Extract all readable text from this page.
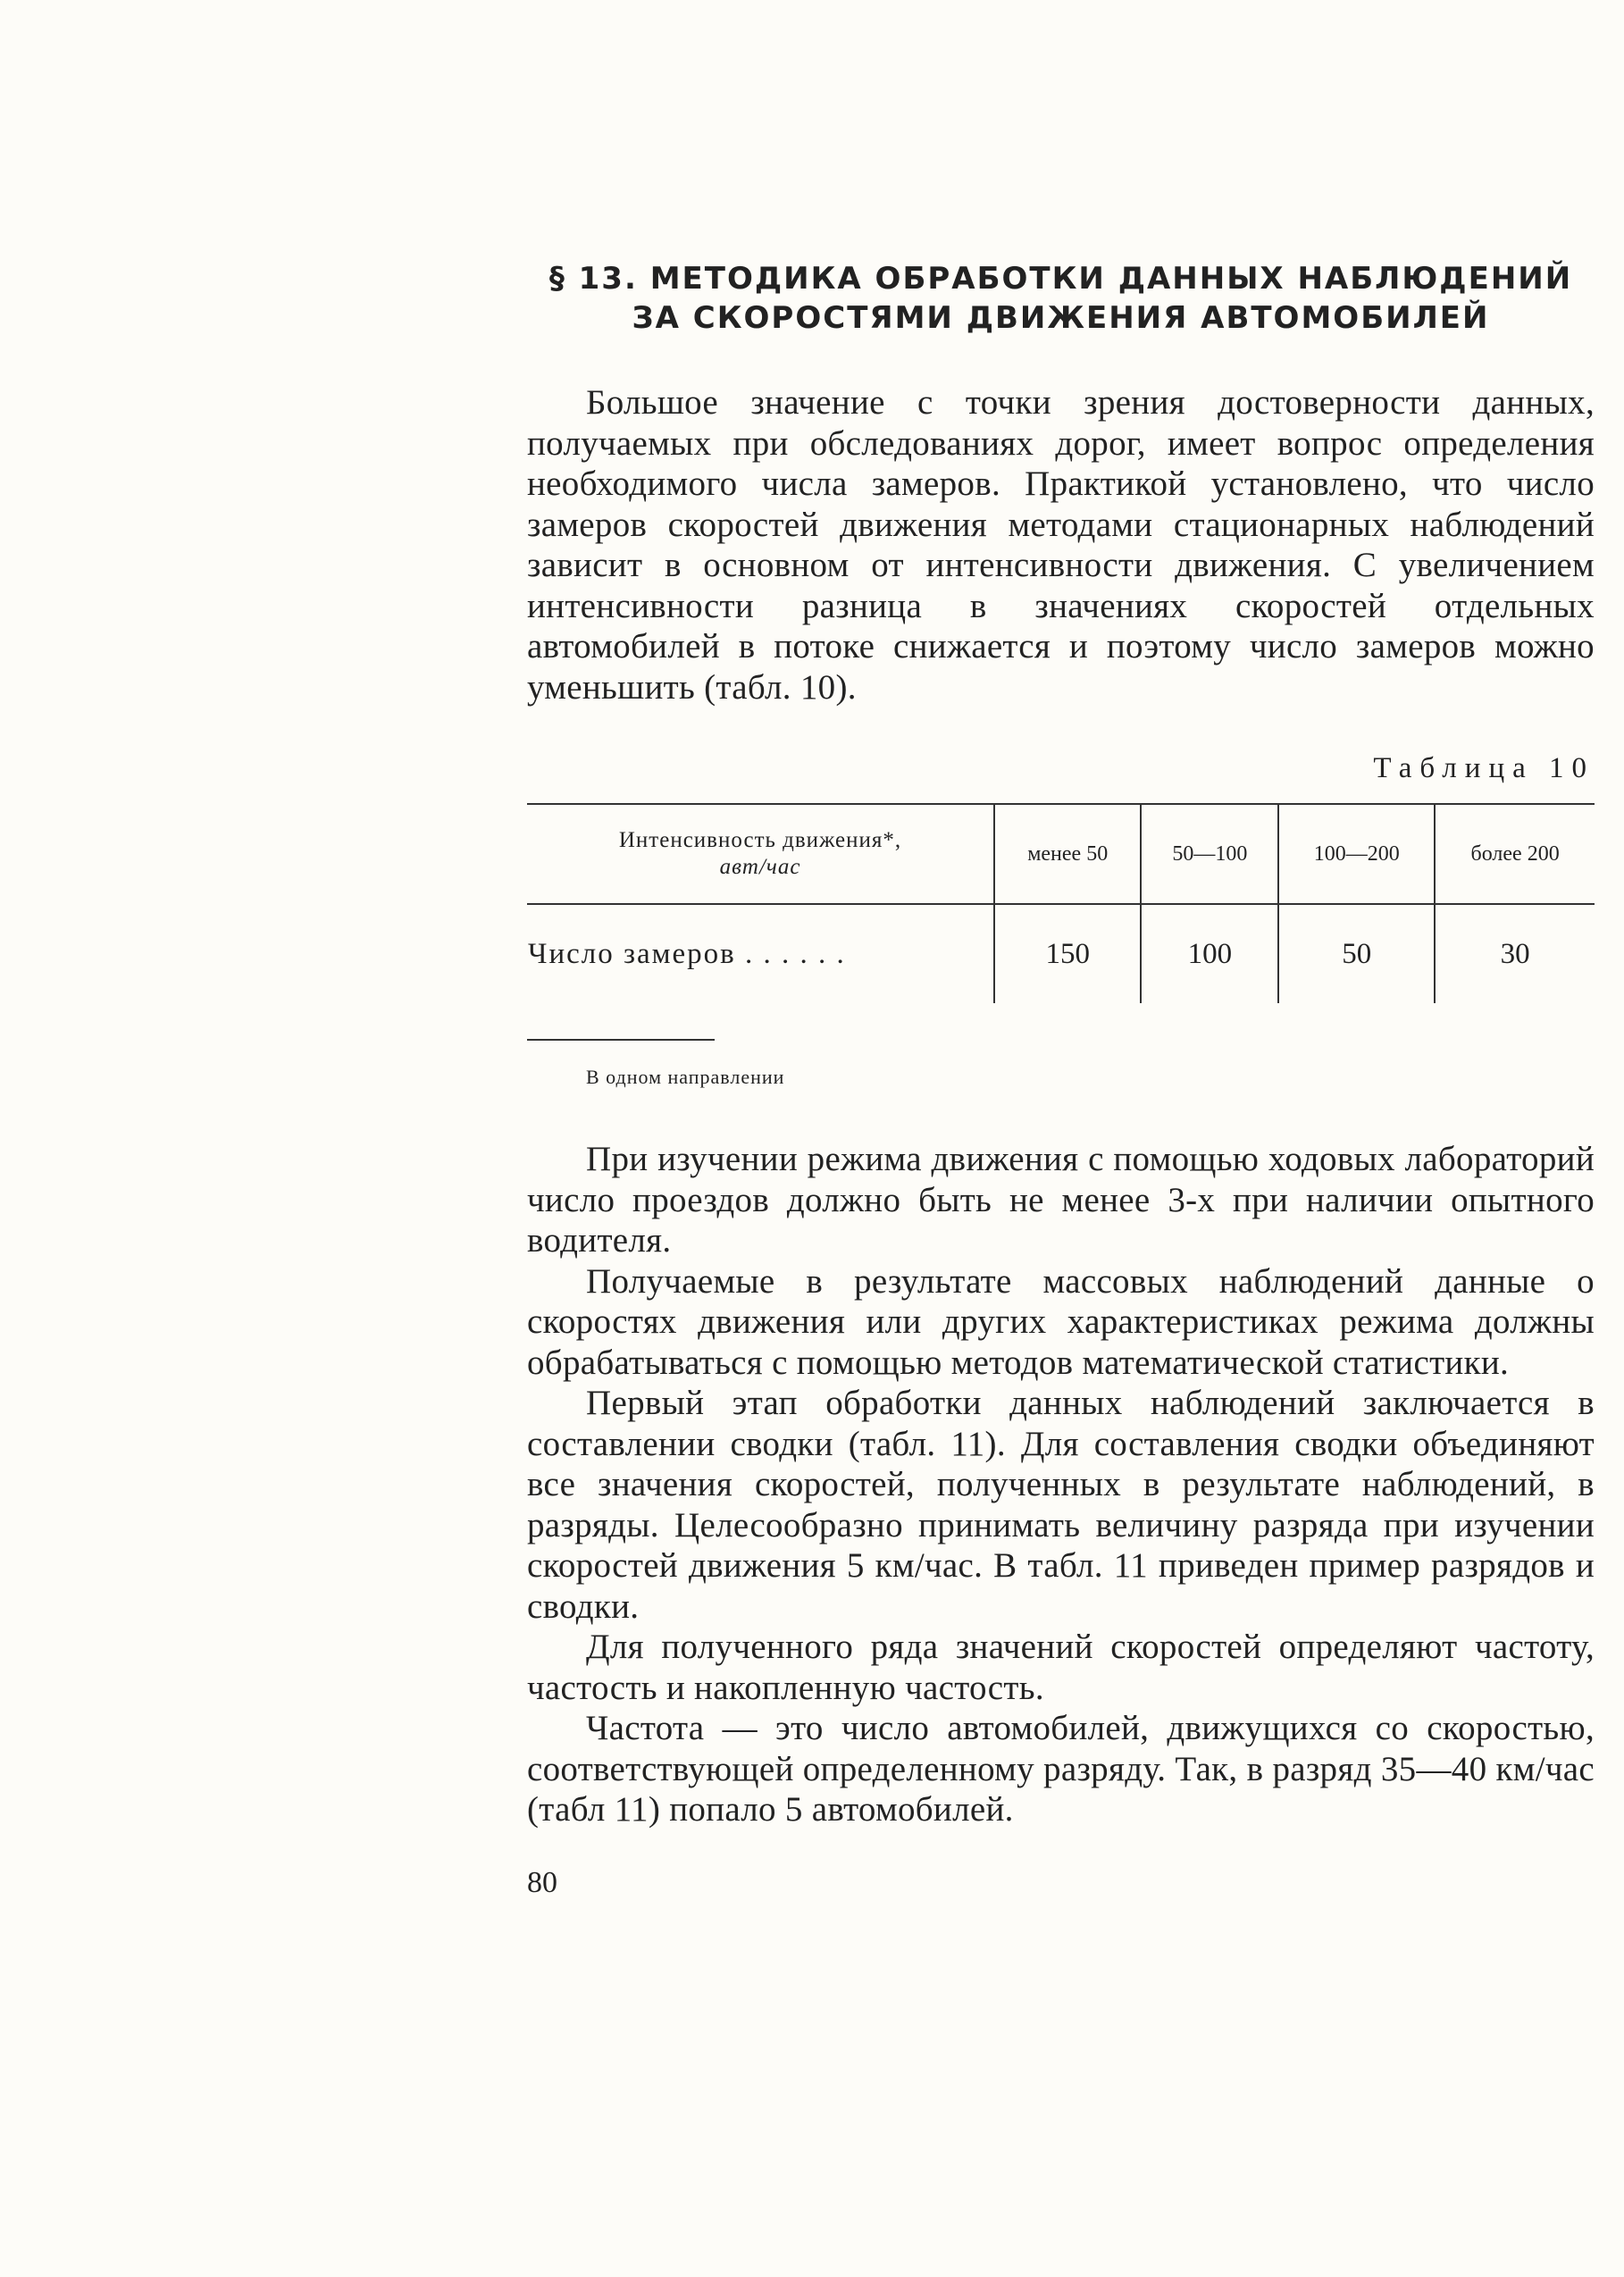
§ 13. МЕТОДИКА ОБРАБОТКИ ДАННЫХ НАБЛЮДЕНИЙ
ЗА СКОРОСТЯМИ ДВИЖЕНИЯ АВТОМОБИЛЕЙ

Большое значение с точки зрения достоверности данных, получаемых при обследованиях дорог, имеет вопрос определения необходимого числа замеров. Практикой установлено, что число замеров скоростей движения методами стационарных наблюдений зависит в основном от интенсивности движения. С увеличением интенсивности разница в значениях скоростей отдельных автомобилей в потоке снижается и поэтому число замеров можно уменьшить (табл. 10).

Таблица 10
Интенсивность движения*,
авт/час	менее 50	50—100	100—200	более 200
Число замеров . . . . . .	150	100	50	30
В одном направлении

При изучении режима движения с помощью ходовых лабораторий число проездов должно быть не менее 3-х при наличии опытного водителя.

Получаемые в результате массовых наблюдений данные о скоростях движения или других характеристиках режима должны обрабатываться с помощью методов математической статистики.

Первый этап обработки данных наблюдений заключается в составлении сводки (табл. 11). Для составления сводки объединяют все значения скоростей, полученных в результате наблюдений, в разряды. Целесообразно принимать величину разряда при изучении скоростей движения 5 км/час. В табл. 11 приведен пример разрядов и сводки.

Для полученного ряда значений скоростей определяют частоту, частость и накопленную частость.

Частота — это число автомобилей, движущихся со скоростью, соответствующей определенному разряду. Так, в разряд 35—40 км/час (табл 11) попало 5 автомобилей.

80
